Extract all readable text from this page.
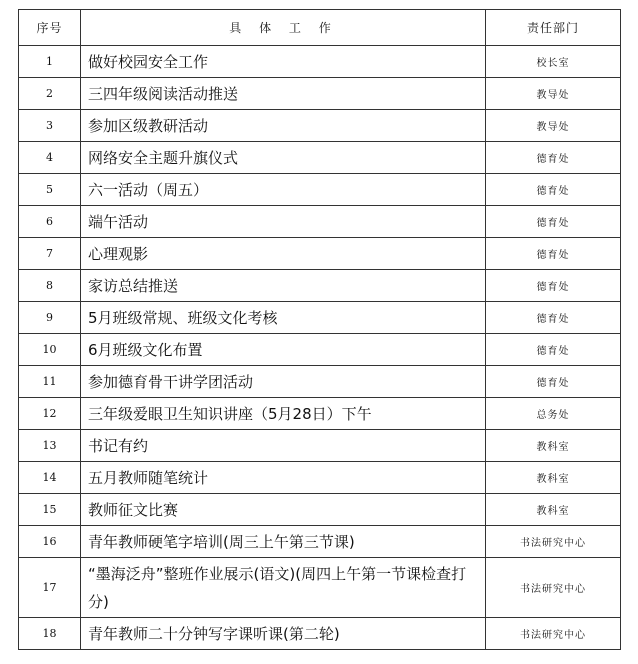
序号	具 体 工 作	责任部门
1	做好校园安全工作	校长室
2	三四年级阅读活动推送	教导处
3	参加区级教研活动	教导处
4	网络安全主题升旗仪式	德育处
5	六一活动（周五）	德育处
6	端午活动	德育处
7	心理观影	德育处
8	家访总结推送	德育处
9	5月班级常规、班级文化考核	德育处
10	6月班级文化布置	德育处
11	参加德育骨干讲学团活动	德育处
12	三年级爱眼卫生知识讲座（5月28日）下午	总务处
13	书记有约	教科室
14	五月教师随笔统计	教科室
15	教师征文比赛	教科室
16	青年教师硬笔字培训(周三上午第三节课)	书法研究中心
17	“墨海泛舟”整班作业展示(语文)(周四上午第一节课检查打分)	书法研究中心
18	青年教师二十分钟写字课听课(第二轮)	书法研究中心
